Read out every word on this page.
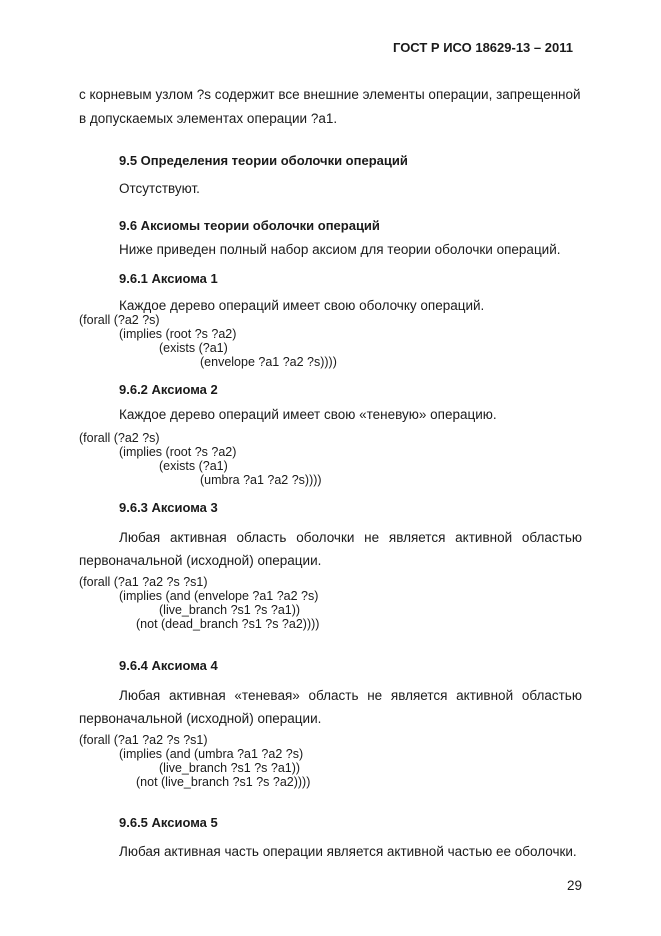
ГОСТ Р ИСО 18629-13 – 2011
с корневым узлом ?s содержит все внешние элементы операции, запрещенной
в допускаемых элементах операции ?a1.
9.5 Определения теории оболочки операций
Отсутствуют.
9.6 Аксиомы теории оболочки операций
Ниже приведен полный набор аксиом для теории оболочки операций.
9.6.1 Аксиома 1
Каждое дерево операций имеет свою оболочку операций.
(forall (?a2 ?s)
(implies (root ?s ?a2)
(exists (?a1)
(envelope ?a1 ?a2 ?s))))
9.6.2 Аксиома 2
Каждое дерево операций имеет свою «теневую» операцию.
(forall (?a2 ?s)
(implies (root ?s ?a2)
(exists (?a1)
(umbra ?a1 ?a2 ?s))))
9.6.3 Аксиома 3
Любая активная область оболочки не является активной областью
первоначальной (исходной) операции.
(forall (?a1 ?a2 ?s ?s1)
(implies (and (envelope ?a1 ?a2 ?s)
(live_branch ?s1 ?s ?a1))
(not (dead_branch ?s1 ?s ?a2))))
9.6.4 Аксиома 4
Любая активная «теневая» область не является активной областью
первоначальной (исходной) операции.
(forall (?a1 ?a2 ?s ?s1)
(implies (and (umbra ?a1 ?a2 ?s)
(live_branch ?s1 ?s ?a1))
(not (live_branch ?s1 ?s ?a2))))
9.6.5 Аксиома 5
Любая активная часть операции является активной частью ее оболочки.
29
